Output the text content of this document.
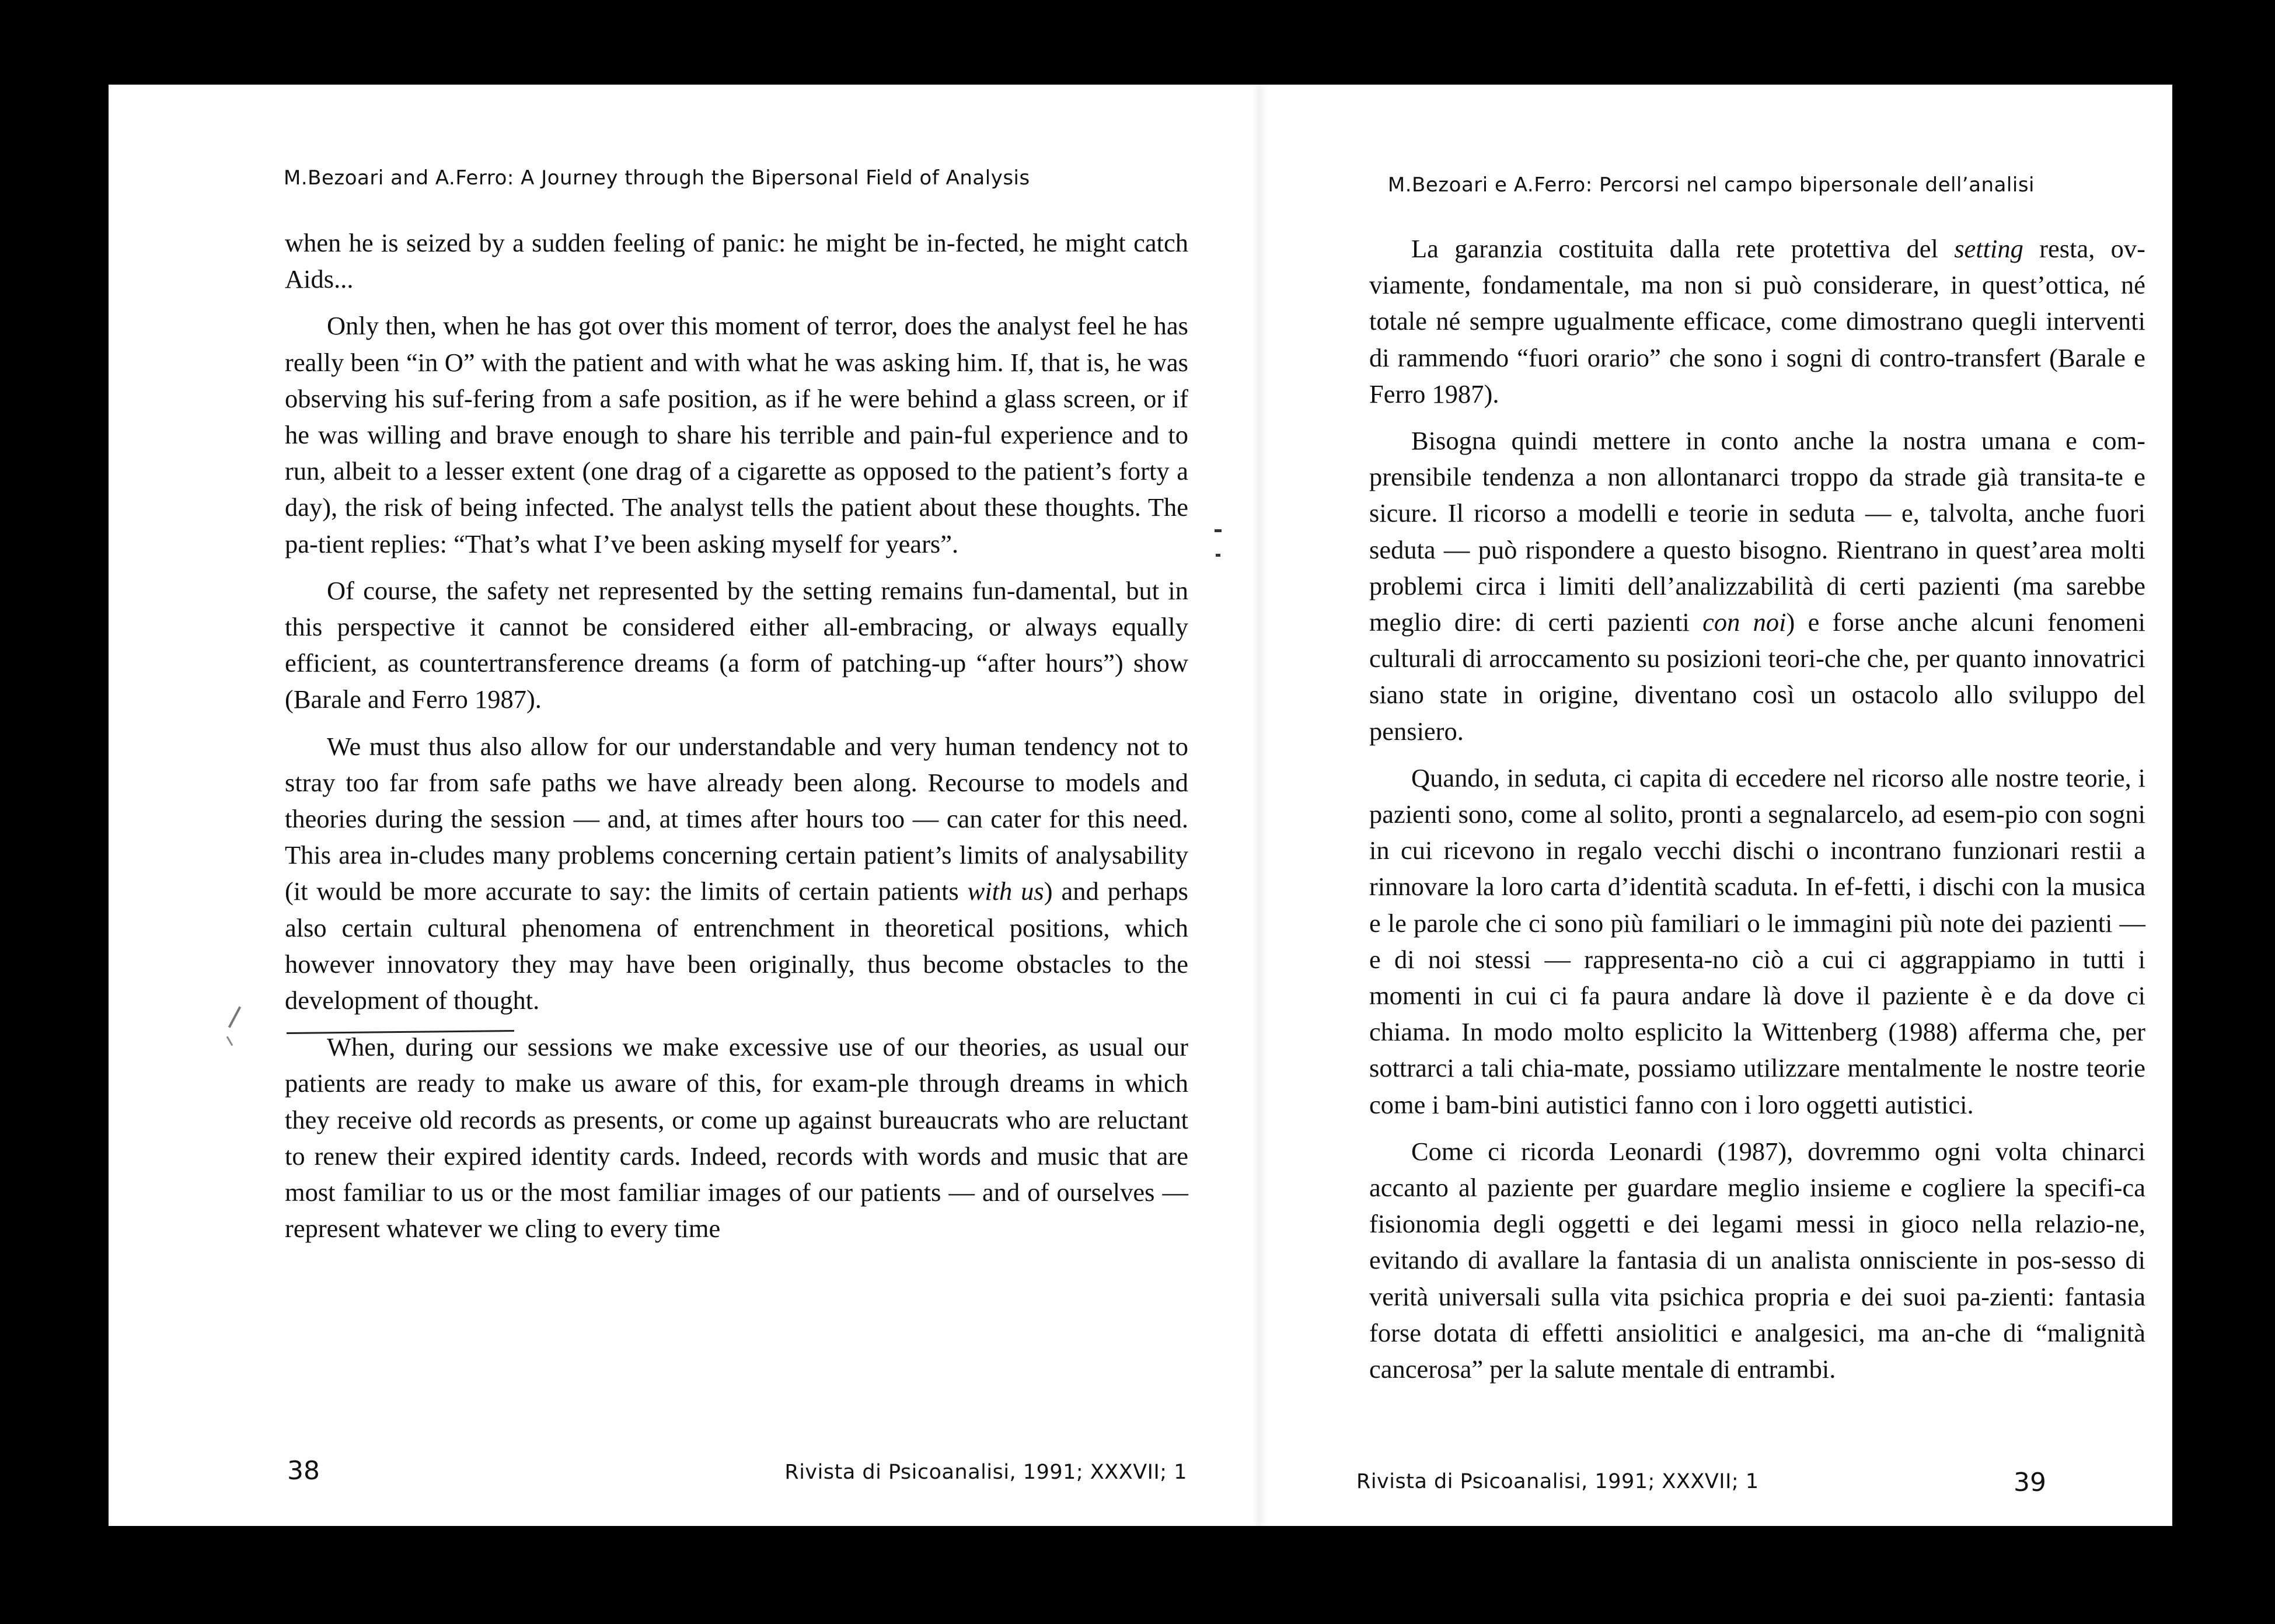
M.Bezoari and A.Ferro: A Journey through the Bipersonal Field of Analysis

when he is seized by a sudden feeling of panic: he might be in-fected, he might catch Aids...

Only then, when he has got over this moment of terror, does the analyst feel he has really been “in O” with the patient and with what he was asking him. If, that is, he was observing his suf-fering from a safe position, as if he were behind a glass screen, or if he was willing and brave enough to share his terrible and pain-ful experience and to run, albeit to a lesser extent (one drag of a cigarette as opposed to the patient’s forty a day), the risk of being infected. The analyst tells the patient about these thoughts. The pa-tient replies: “That’s what I’ve been asking myself for years”.

Of course, the safety net represented by the setting remains fun-damental, but in this perspective it cannot be considered either all-embracing, or always equally efficient, as countertransference dreams (a form of patching-up “after hours”) show (Barale and Ferro 1987).

We must thus also allow for our understandable and very human tendency not to stray too far from safe paths we have already been along. Recourse to models and theories during the session — and, at times after hours too — can cater for this need. This area in-cludes many problems concerning certain patient’s limits of analysability (it would be more accurate to say: the limits of certain patients with us) and perhaps also certain cultural phenomena of entrenchment in theoretical positions, which however innovatory they may have been originally, thus become obstacles to the development of thought.

When, during our sessions we make excessive use of our theories, as usual our patients are ready to make us aware of this, for exam-ple through dreams in which they receive old records as presents, or come up against bureaucrats who are reluctant to renew their expired identity cards. Indeed, records with words and music that are most familiar to us or the most familiar images of our patients — and of ourselves — represent whatever we cling to every time

38	Rivista di Psicoanalisi, 1991; XXXVII; 1
M.Bezoari e A.Ferro: Percorsi nel campo bipersonale dell’analisi

La garanzia costituita dalla rete protettiva del setting resta, ov-viamente, fondamentale, ma non si può considerare, in quest’ottica, né totale né sempre ugualmente efficace, come dimostrano quegli interventi di rammendo “fuori orario” che sono i sogni di contro-transfert (Barale e Ferro 1987).

Bisogna quindi mettere in conto anche la nostra umana e com-prensibile tendenza a non allontanarci troppo da strade già transita-te e sicure. Il ricorso a modelli e teorie in seduta — e, talvolta, anche fuori seduta — può rispondere a questo bisogno. Rientrano in quest’area molti problemi circa i limiti dell’analizzabilità di certi pazienti (ma sarebbe meglio dire: di certi pazienti con noi) e forse anche alcuni fenomeni culturali di arroccamento su posizioni teori-che che, per quanto innovatrici siano state in origine, diventano così un ostacolo allo sviluppo del pensiero.

Quando, in seduta, ci capita di eccedere nel ricorso alle nostre teorie, i pazienti sono, come al solito, pronti a segnalarcelo, ad esem-pio con sogni in cui ricevono in regalo vecchi dischi o incontrano funzionari restii a rinnovare la loro carta d’identità scaduta. In ef-fetti, i dischi con la musica e le parole che ci sono più familiari o le immagini più note dei pazienti — e di noi stessi — rappresenta-no ciò a cui ci aggrappiamo in tutti i momenti in cui ci fa paura andare là dove il paziente è e da dove ci chiama. In modo molto esplicito la Wittenberg (1988) afferma che, per sottrarci a tali chia-mate, possiamo utilizzare mentalmente le nostre teorie come i bam-bini autistici fanno con i loro oggetti autistici.

Come ci ricorda Leonardi (1987), dovremmo ogni volta chinarci accanto al paziente per guardare meglio insieme e cogliere la specifi-ca fisionomia degli oggetti e dei legami messi in gioco nella relazio-ne, evitando di avallare la fantasia di un analista onnisciente in pos-sesso di verità universali sulla vita psichica propria e dei suoi pa-zienti: fantasia forse dotata di effetti ansiolitici e analgesici, ma an-che di “malignità cancerosa” per la salute mentale di entrambi.

Rivista di Psicoanalisi, 1991; XXXVII; 1	39
